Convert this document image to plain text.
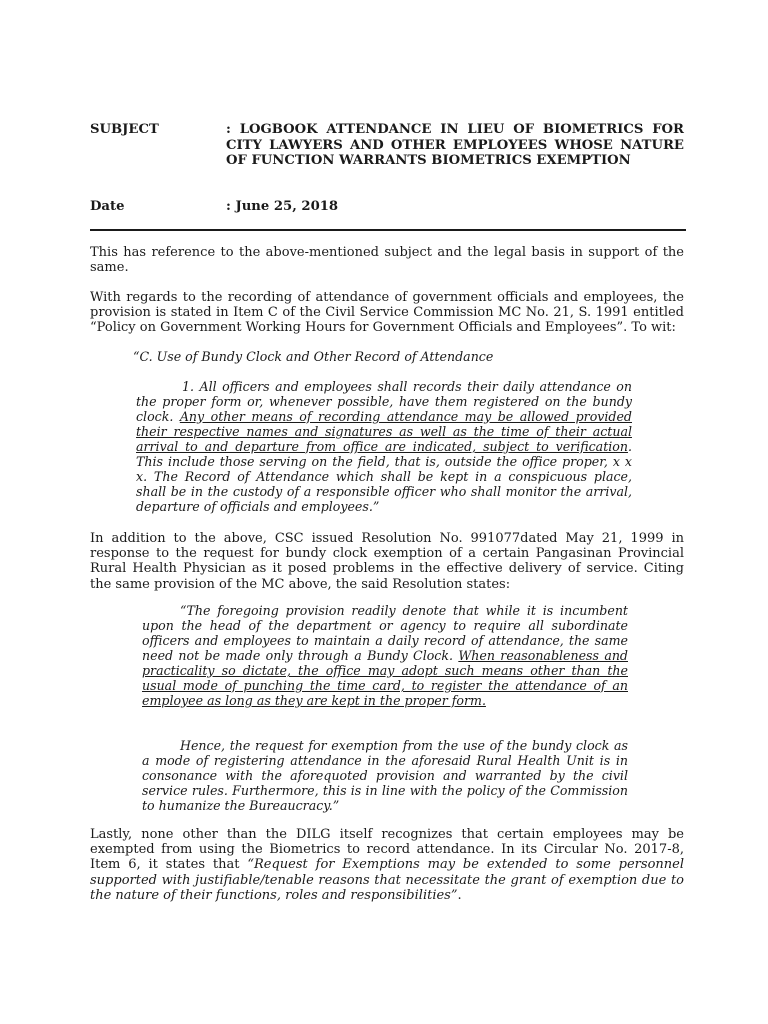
SUBJECT	: LOGBOOK ATTENDANCE IN LIEU OF BIOMETRICS FOR CITY LAWYERS AND OTHER EMPLOYEES WHOSE NATURE OF FUNCTION WARRANTS BIOMETRICS EXEMPTION
Date	: June 25, 2018

This has reference to the above-mentioned subject and the legal basis in support of the same.

With regards to the recording of attendance of government officials and employees, the provision is stated in Item C of the Civil Service Commission MC No. 21, S. 1991 entitled “Policy on Government Working Hours for Government Officials and Employees”. To wit:

“C. Use of Bundy Clock and Other Record of Attendance

1. All officers and employees shall records their daily attendance on the proper form or, whenever possible, have them registered on the bundy clock. Any other means of recording attendance may be allowed provided their respective names and signatures as well as the time of their actual arrival to and departure from office are indicated, subject to verification. This include those serving on the field, that is, outside the office proper, x x x. The Record of Attendance which shall be kept in a conspicuous place, shall be in the custody of a responsible officer who shall monitor the arrival, departure of officials and employees.”

In addition to the above, CSC issued Resolution No. 991077dated May 21, 1999 in response to the request for bundy clock exemption of a certain Pangasinan Provincial Rural Health Physician as it posed problems in the effective delivery of service. Citing the same provision of the MC above, the said Resolution states:

“The foregoing provision readily denote that while it is incumbent upon the head of the department or agency to require all subordinate officers and employees to maintain a daily record of attendance, the same need not be made only through a Bundy Clock. When reasonableness and practicality so dictate, the office may adopt such means other than the usual mode of punching the time card, to register the attendance of an employee as long as they are kept in the proper form.

Hence, the request for exemption from the use of the bundy clock as a mode of registering attendance in the aforesaid Rural Health Unit is in consonance with the aforequoted provision and warranted by the civil service rules. Furthermore, this is in line with the policy of the Commission to humanize the Bureaucracy.”

Lastly, none other than the DILG itself recognizes that certain employees may be exempted from using the Biometrics to record attendance. In its Circular No. 2017-8, Item 6, it states that “Request for Exemptions may be extended to some personnel supported with justifiable/tenable reasons that necessitate the grant of exemption due to the nature of their functions, roles and responsibilities”.
